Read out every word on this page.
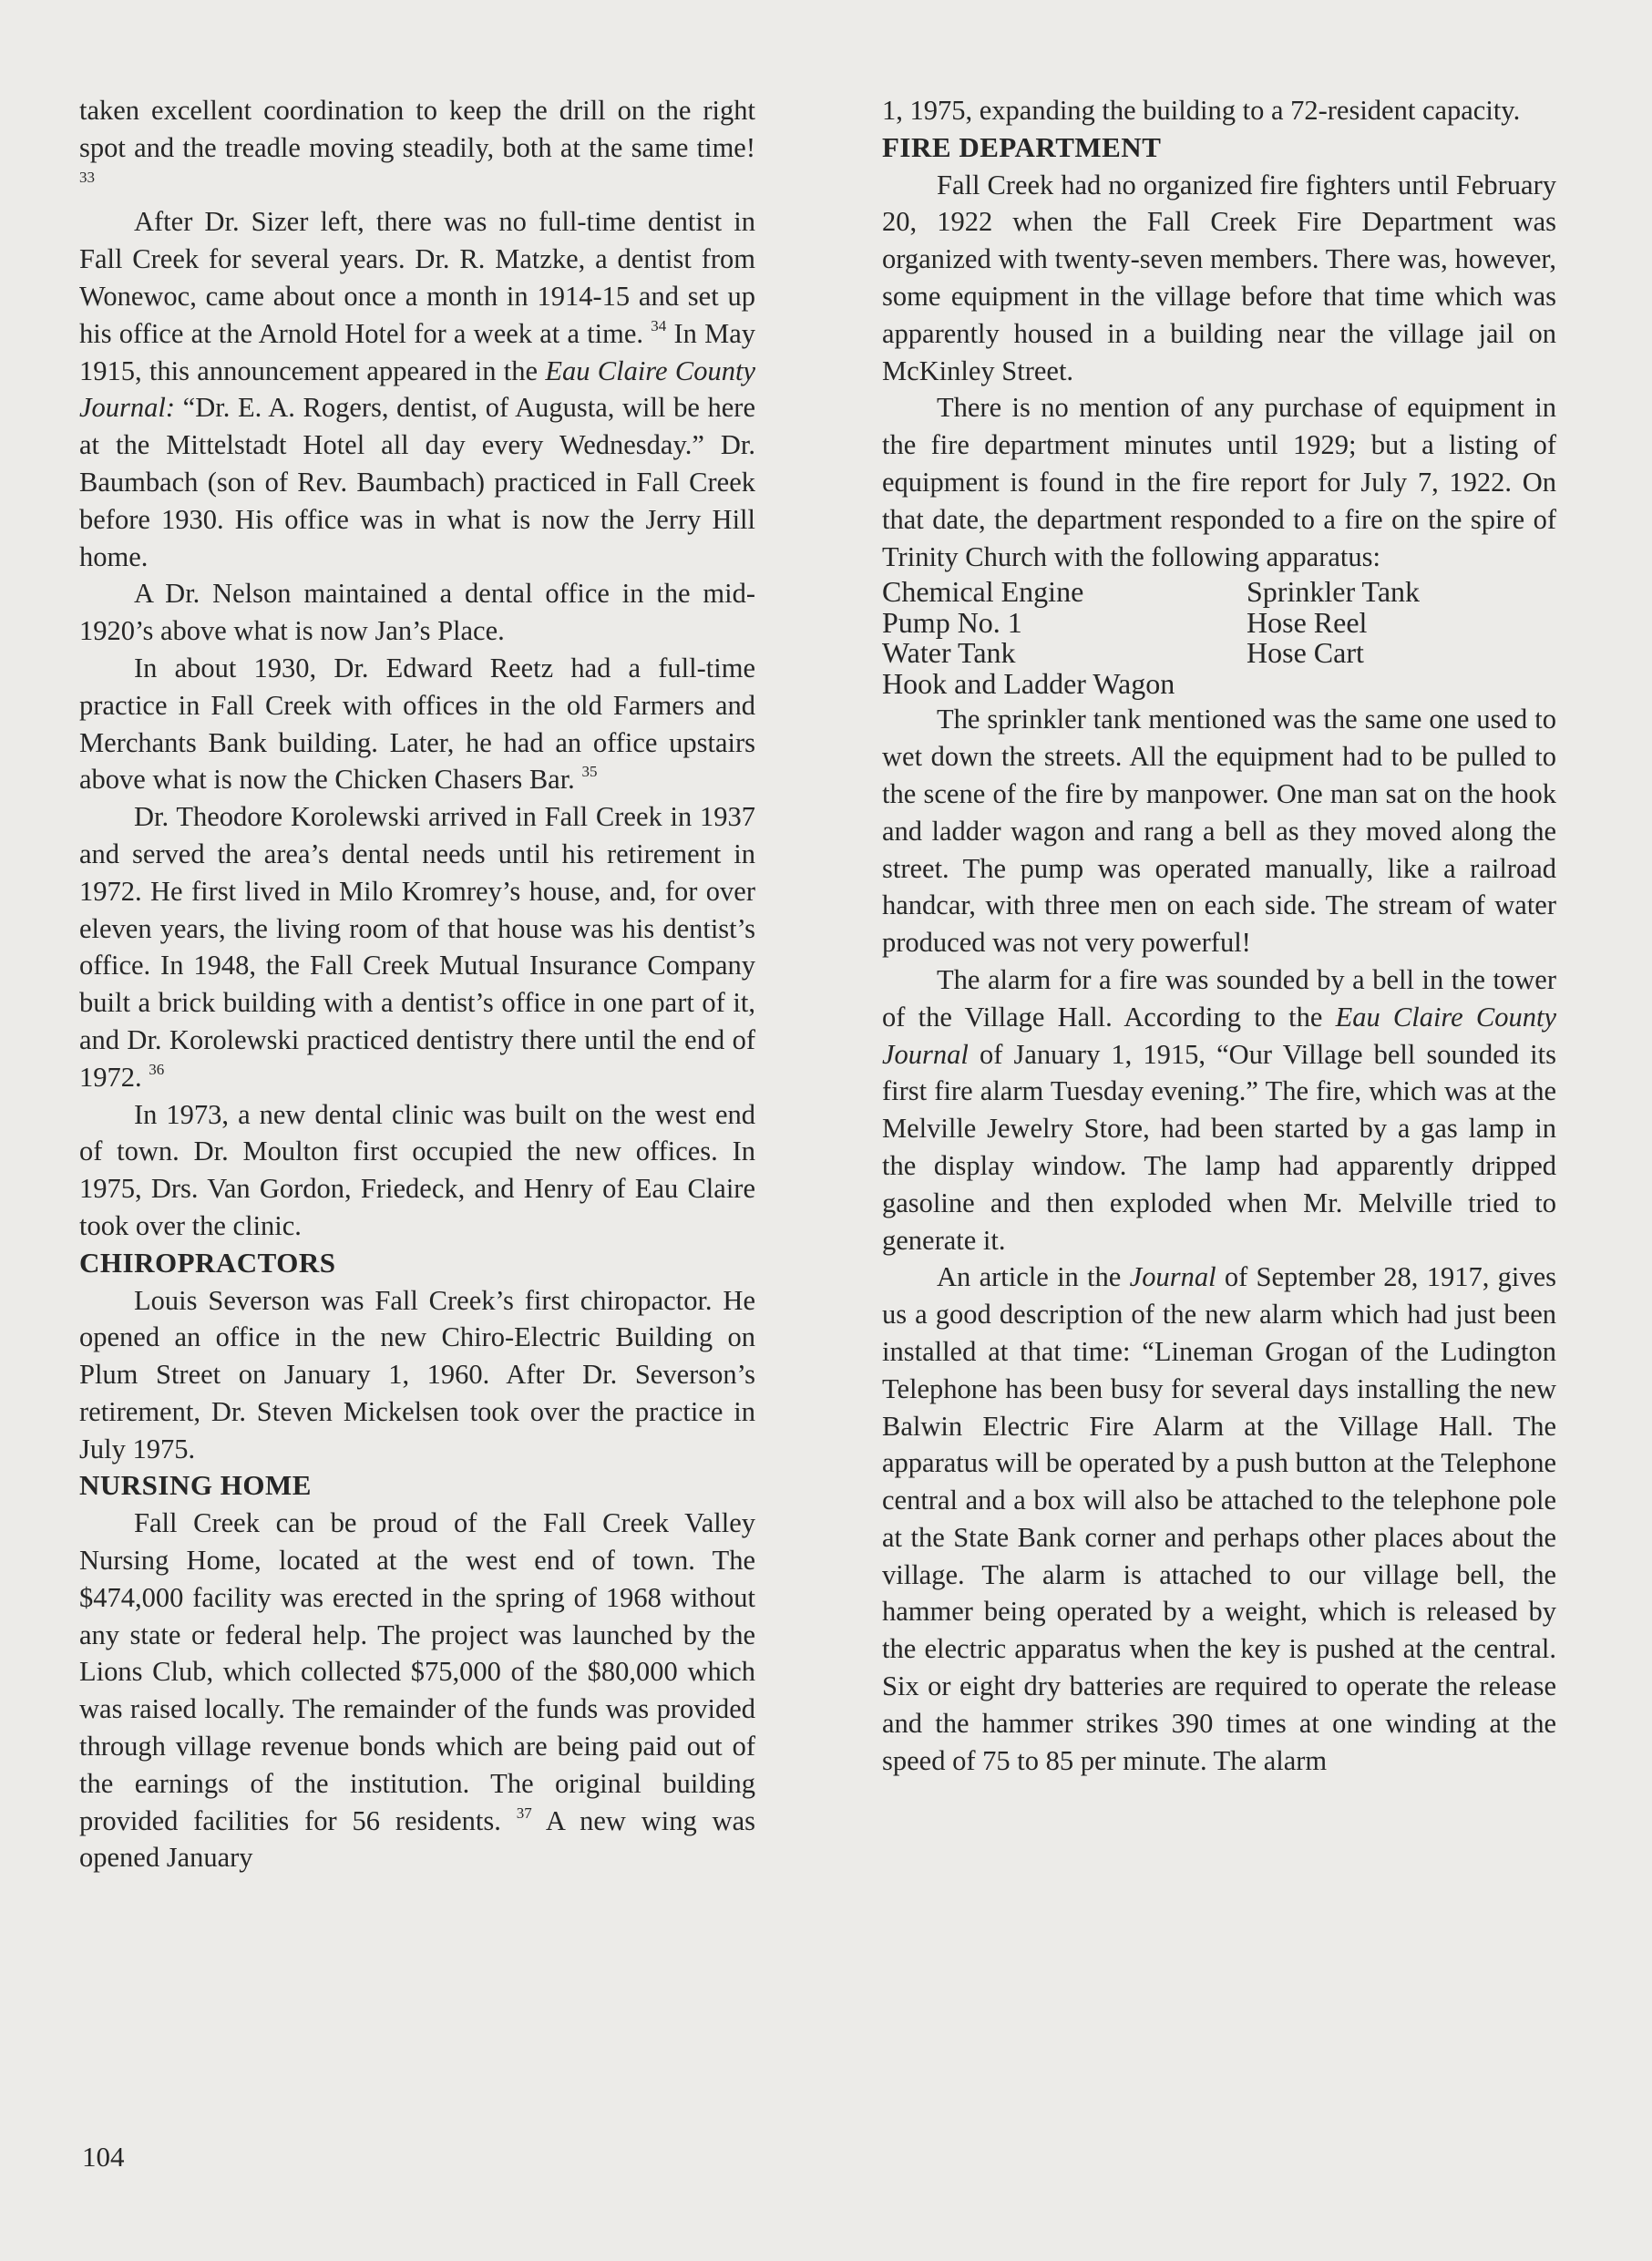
taken excellent coordination to keep the drill on the right spot and the treadle moving steadily, both at the same time! $^{33}$

After Dr. Sizer left, there was no full-time dentist in Fall Creek for several years. Dr. R. Matzke, a dentist from Wonewoc, came about once a month in 1914-15 and set up his office at the Arnold Hotel for a week at a time. $^{34}$ In May 1915, this announcement appeared in the Eau Claire County Journal: “Dr. E. A. Rogers, dentist, of Augusta, will be here at the Mittelstadt Hotel all day every Wednesday.” Dr. Baumbach (son of Rev. Baumbach) practiced in Fall Creek before 1930. His office was in what is now the Jerry Hill home.

A Dr. Nelson maintained a dental office in the mid-1920’s above what is now Jan’s Place.

In about 1930, Dr. Edward Reetz had a full-time practice in Fall Creek with offices in the old Farmers and Merchants Bank building. Later, he had an office upstairs above what is now the Chicken Chasers Bar. $^{35}$

Dr. Theodore Korolewski arrived in Fall Creek in 1937 and served the area’s dental needs until his retirement in 1972. He first lived in Milo Kromrey’s house, and, for over eleven years, the living room of that house was his dentist’s office. In 1948, the Fall Creek Mutual Insurance Company built a brick building with a dentist’s office in one part of it, and Dr. Korolewski practiced dentistry there until the end of 1972. $^{36}$

In 1973, a new dental clinic was built on the west end of town. Dr. Moulton first occupied the new offices. In 1975, Drs. Van Gordon, Friedeck, and Henry of Eau Claire took over the clinic.

CHIROPRACTORS

Louis Severson was Fall Creek’s first chiropactor. He opened an office in the new Chiro-Electric Building on Plum Street on January 1, 1960. After Dr. Severson’s retirement, Dr. Steven Mickelsen took over the practice in July 1975.

NURSING HOME

Fall Creek can be proud of the Fall Creek Valley Nursing Home, located at the west end of town. The $474,000 facility was erected in the spring of 1968 without any state or federal help. The project was launched by the Lions Club, which collected $75,000 of the $80,000 which was raised locally. The remainder of the funds was provided through village revenue bonds which are being paid out of the earnings of the institution. The original building provided facilities for 56 residents. $^{37}$ A new wing was opened January

1, 1975, expanding the building to a 72-resident capacity.

FIRE DEPARTMENT

Fall Creek had no organized fire fighters until February 20, 1922 when the Fall Creek Fire Department was organized with twenty-seven members. There was, however, some equipment in the village before that time which was apparently housed in a building near the village jail on McKinley Street.

There is no mention of any purchase of equipment in the fire department minutes until 1929; but a listing of equipment is found in the fire report for July 7, 1922. On that date, the department responded to a fire on the spire of Trinity Church with the following apparatus:

Chemical Engine	Sprinkler Tank
Pump No. 1	Hose Reel
Water Tank	Hose Cart
Hook and Ladder Wagon

The sprinkler tank mentioned was the same one used to wet down the streets. All the equipment had to be pulled to the scene of the fire by manpower. One man sat on the hook and ladder wagon and rang a bell as they moved along the street. The pump was operated manually, like a railroad handcar, with three men on each side. The stream of water produced was not very powerful!

The alarm for a fire was sounded by a bell in the tower of the Village Hall. According to the Eau Claire County Journal of January 1, 1915, “Our Village bell sounded its first fire alarm Tuesday evening.” The fire, which was at the Melville Jewelry Store, had been started by a gas lamp in the display window. The lamp had apparently dripped gasoline and then exploded when Mr. Melville tried to generate it.

An article in the Journal of September 28, 1917, gives us a good description of the new alarm which had just been installed at that time: “Lineman Grogan of the Ludington Telephone has been busy for several days installing the new Balwin Electric Fire Alarm at the Village Hall. The apparatus will be operated by a push button at the Telephone central and a box will also be attached to the telephone pole at the State Bank corner and perhaps other places about the village. The alarm is attached to our village bell, the hammer being operated by a weight, which is released by the electric apparatus when the key is pushed at the central. Six or eight dry batteries are required to operate the release and the hammer strikes 390 times at one winding at the speed of 75 to 85 per minute. The alarm

104
